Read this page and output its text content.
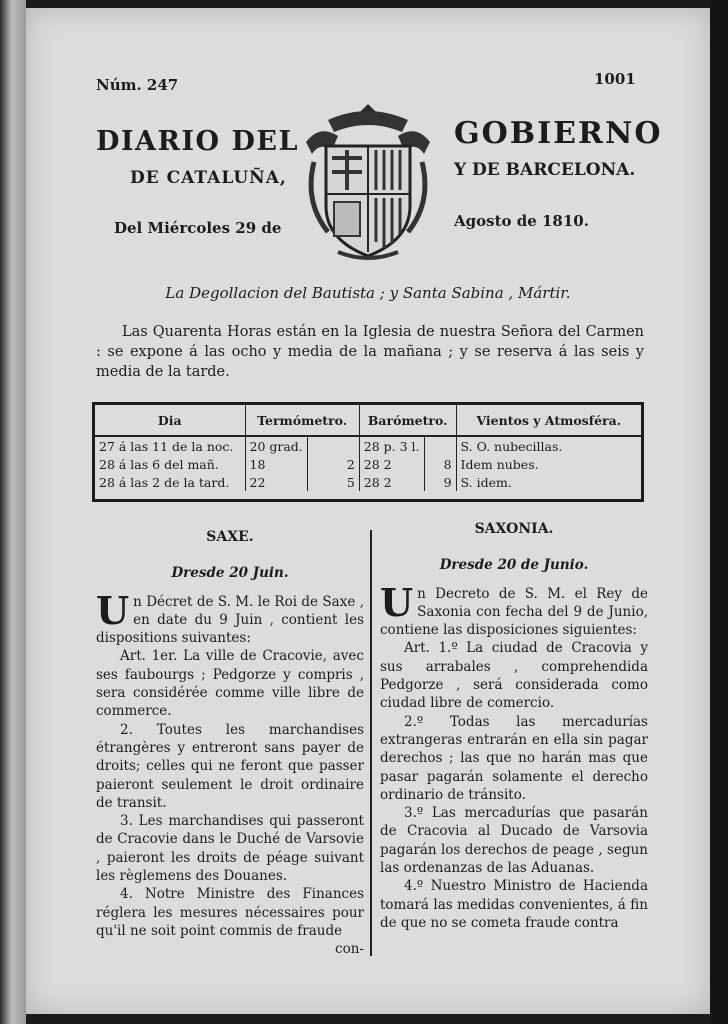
Núm. 247	1001
DIARIO DEL
DE CATALUÑA,
GOBIERNO
Y DE BARCELONA.
Del Miércoles 29 de	Agosto de 1810.
La Degollacion del Bautista ; y Santa Sabina , Mártir.

Las Quarenta Horas están en la Iglesia de nuestra Señora del Carmen : se expone á las ocho y media de la mañana ; y se reserva á las seis y media de la tarde.

Dia	Termómetro.		Barómetro.		Vientos y Atmosféra.
27 á las 11 de la noc.	20 grad.		28 p. 3 l.		S. O. nubecillas.
28 á las 6 del mañ.	18	2	28 2	8	Idem nubes.
28 á las 2 de la tard.	22	5	28 2	9	S. idem.
SAXE.
Dresde 20 Juin.

Un Décret de S. M. le Roi de Saxe , en date du 9 Juin , contient les dispositions suivantes:

Art. 1er. La ville de Cracovie, avec ses faubourgs ; Pedgorze y compris , sera considérée comme ville libre de commerce.

2. Toutes les marchandises étrangères y entreront sans payer de droits; celles qui ne feront que passer paieront seulement le droit ordinaire de transit.

3. Les marchandises qui passeront de Cracovie dans le Duché de Varsovie , paieront les droits de péage suivant les règlemens des Douanes.

4. Notre Ministre des Finances réglera les mesures nécessaires pour qu'il ne soit point commis de fraude

con-

SAXONIA.
Dresde 20 de Junio.

Un Decreto de S. M. el Rey de Saxonia con fecha del 9 de Junio, contiene las disposiciones siguientes:

Art. 1.º La ciudad de Cracovia y sus arrabales , comprehendida Pedgorze , será considerada como ciudad libre de comercio.

2.º Todas las mercadurías extrangeras entrarán en ella sin pagar derechos ; las que no harán mas que pasar pagarán solamente el derecho ordinario de tránsito.

3.º Las mercadurías que pasarán de Cracovia al Ducado de Varsovia pagarán los derechos de peage , segun las ordenanzas de las Aduanas.

4.º Nuestro Ministro de Hacienda tomará las medidas convenientes, á fin de que no se cometa fraude contra
